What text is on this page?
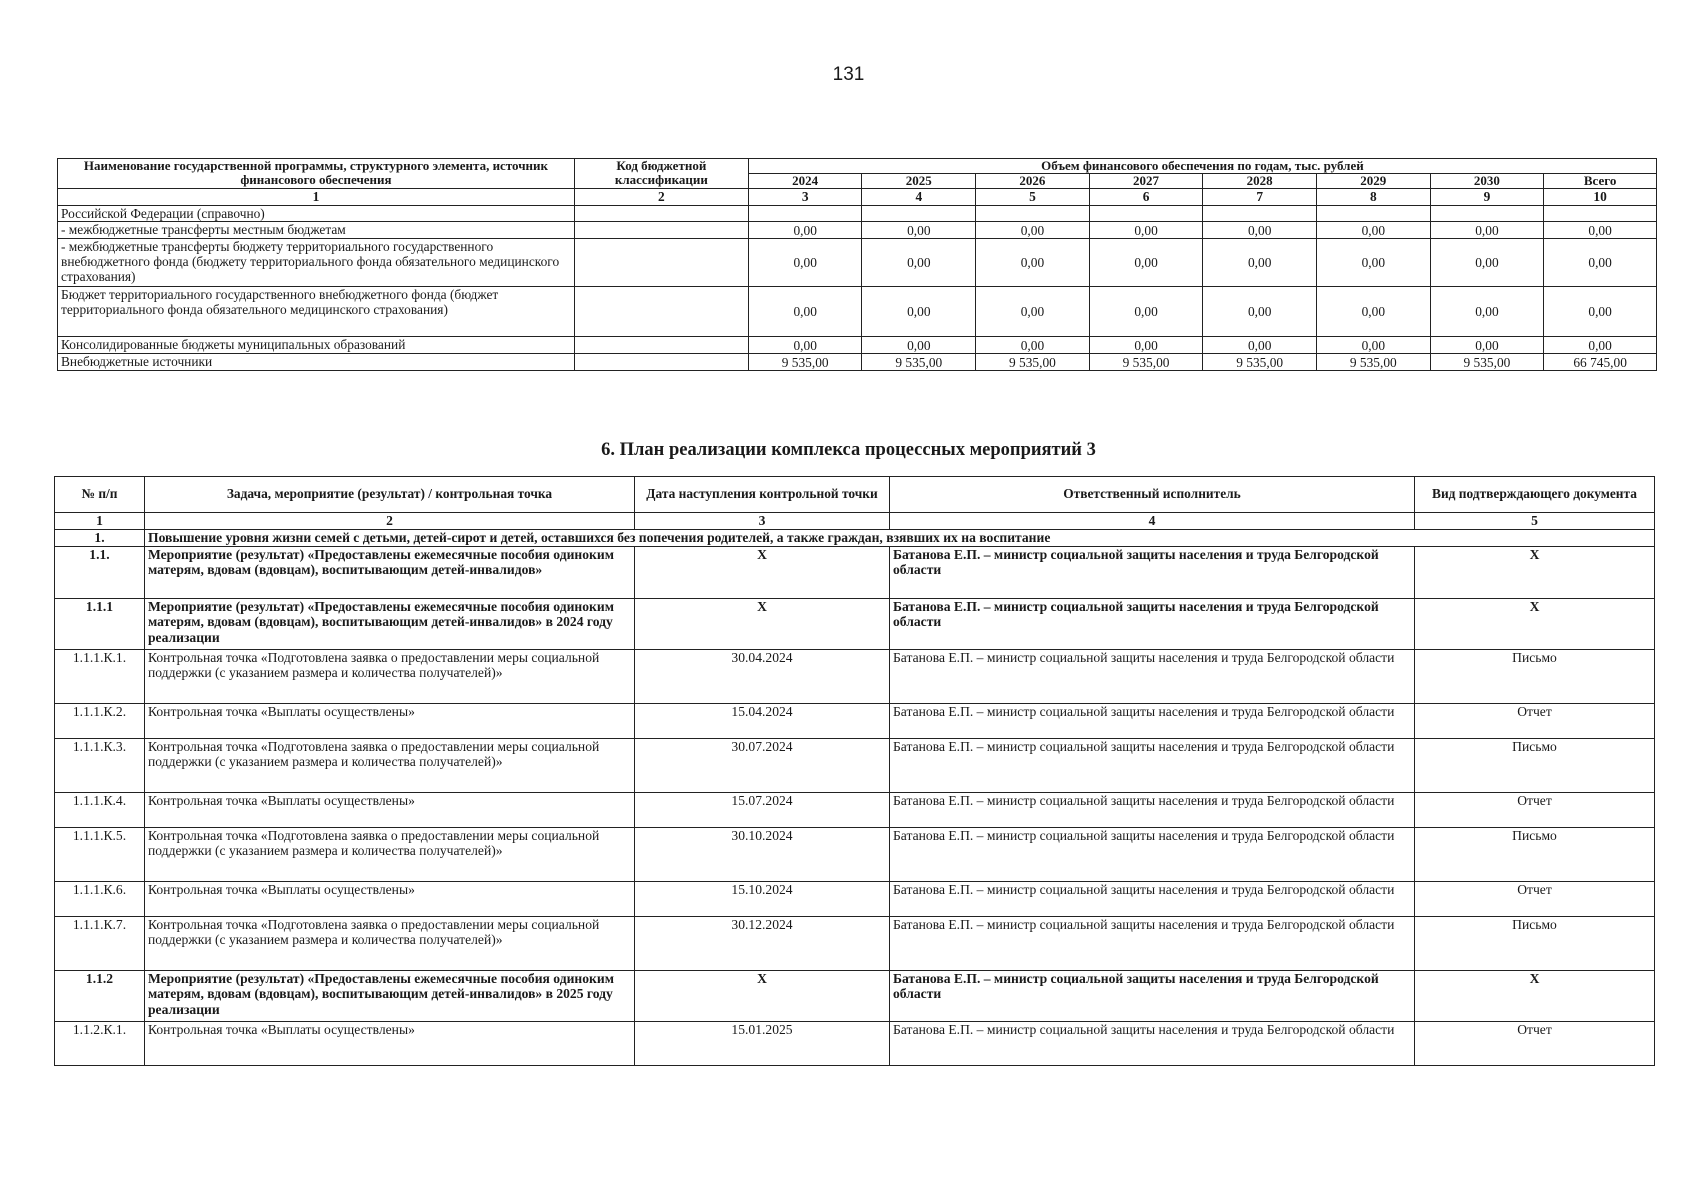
131
Наименование государственной программы, структурного элемента, источник финансового обеспечения	Код бюджетной классификации	Объем финансового обеспечения по годам, тыс. рублей							
		2024	2025	2026	2027	2028	2029	2030	Всего
1	2	3	4	5	6	7	8	9	10
Российской Федерации (справочно)									
- межбюджетные трансферты местным бюджетам		0,00	0,00	0,00	0,00	0,00	0,00	0,00	0,00
- межбюджетные трансферты бюджету территориального государственного внебюджетного фонда (бюджету территориального фонда обязательного медицинского страхования)		0,00	0,00	0,00	0,00	0,00	0,00	0,00	0,00
Бюджет территориального государственного внебюджетного фонда (бюджет территориального фонда обязательного медицинского страхования)		0,00	0,00	0,00	0,00	0,00	0,00	0,00	0,00
Консолидированные бюджеты муниципальных образований		0,00	0,00	0,00	0,00	0,00	0,00	0,00	0,00
Внебюджетные источники		9 535,00	9 535,00	9 535,00	9 535,00	9 535,00	9 535,00	9 535,00	66 745,00
6. План реализации комплекса процессных мероприятий 3
№ п/п	Задача, мероприятие (результат) / контрольная точка	Дата наступления контрольной точки	Ответственный исполнитель	Вид подтверждающего документа
1	2	3	4	5
1.	Повышение уровня жизни семей с детьми, детей-сирот и детей, оставшихся без попечения родителей, а также граждан, взявших их на воспитание			
1.1.	Мероприятие (результат) «Предоставлены ежемесячные пособия одиноким матерям, вдовам (вдовцам), воспитывающим детей-инвалидов»	Х	Батанова Е.П. – министр социальной защиты населения и труда Белгородской области	Х
1.1.1	Мероприятие (результат) «Предоставлены ежемесячные пособия одиноким матерям, вдовам (вдовцам), воспитывающим детей-инвалидов» в 2024 году реализации	Х	Батанова Е.П. – министр социальной защиты населения и труда Белгородской области	Х
1.1.1.К.1.	Контрольная точка «Подготовлена заявка о предоставлении меры социальной поддержки (с указанием размера и количества получателей)»	30.04.2024	Батанова Е.П. – министр социальной защиты населения и труда Белгородской области	Письмо
1.1.1.К.2.	Контрольная точка «Выплаты осуществлены»	15.04.2024	Батанова Е.П. – министр социальной защиты населения и труда Белгородской области	Отчет
1.1.1.К.3.	Контрольная точка «Подготовлена заявка о предоставлении меры социальной поддержки (с указанием размера и количества получателей)»	30.07.2024	Батанова Е.П. – министр социальной защиты населения и труда Белгородской области	Письмо
1.1.1.К.4.	Контрольная точка «Выплаты осуществлены»	15.07.2024	Батанова Е.П. – министр социальной защиты населения и труда Белгородской области	Отчет
1.1.1.К.5.	Контрольная точка «Подготовлена заявка о предоставлении меры социальной поддержки (с указанием размера и количества получателей)»	30.10.2024	Батанова Е.П. – министр социальной защиты населения и труда Белгородской области	Письмо
1.1.1.К.6.	Контрольная точка «Выплаты осуществлены»	15.10.2024	Батанова Е.П. – министр социальной защиты населения и труда Белгородской области	Отчет
1.1.1.К.7.	Контрольная точка «Подготовлена заявка о предоставлении меры социальной поддержки (с указанием размера и количества получателей)»	30.12.2024	Батанова Е.П. – министр социальной защиты населения и труда Белгородской области	Письмо
1.1.2	Мероприятие (результат) «Предоставлены ежемесячные пособия одиноким матерям, вдовам (вдовцам), воспитывающим детей-инвалидов» в 2025 году реализации	Х	Батанова Е.П. – министр социальной защиты населения и труда Белгородской области	Х
1.1.2.К.1.	Контрольная точка «Выплаты осуществлены»	15.01.2025	Батанова Е.П. – министр социальной защиты населения и труда Белгородской области	Отчет
